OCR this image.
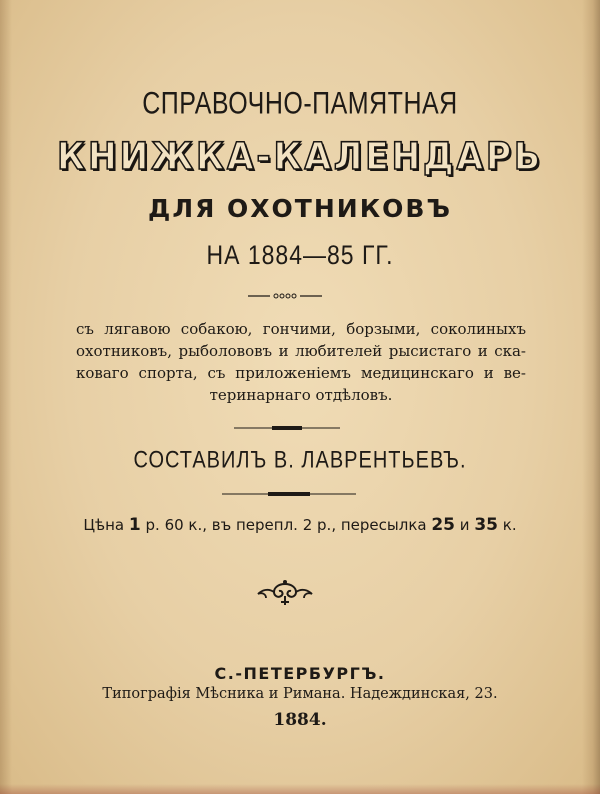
СПРАВОЧНО-ПАМЯТНАЯ
КНИЖКА-КАЛЕНДАРЬ
ДЛЯ ОХОТНИКОВЪ
НА 1884—85 ГГ.
съ лягавою собакою, гончими, борзыми, соколиныхъ
охотниковъ, рыболововъ и любителей рысистаго и ска-
коваго спорта, съ приложеніемъ медицинскаго и ве-
теринарнаго отдѣловъ.
СОСТАВИЛЪ В. ЛАВРЕНТЬЕВЪ.
Цѣна 1 р. 60 к., въ перепл. 2 р., пересылка 25 и 35 к.
С.-ПЕТЕРБУРГЪ.
Типографія Мѣсника и Римана. Надеждинская, 23.
1884.
